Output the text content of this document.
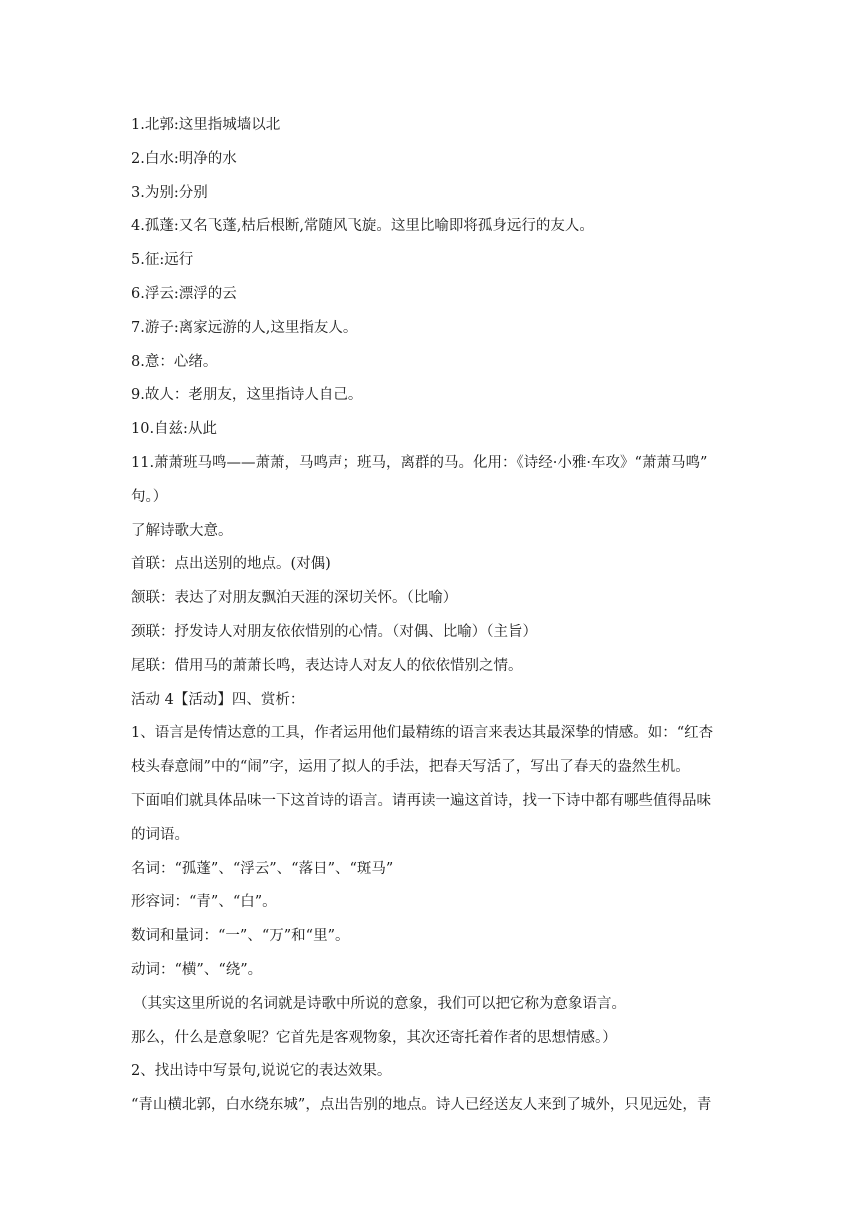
1.北郭:这里指城墙以北

2.白水:明净的水

3.为别:分别

4.孤蓬:又名飞蓬,枯后根断,常随风飞旋。这里比喻即将孤身远行的友人。

5.征:远行

6.浮云:漂浮的云

7.游子:离家远游的人,这里指友人。

8.意：心绪。

9.故人：老朋友，这里指诗人自己。

10.自兹:从此

11.萧萧班马鸣——萧萧，马鸣声；班马，离群的马。化用：《诗经·小雅·车攻》“萧萧马鸣”

句。）

了解诗歌大意。

首联：点出送别的地点。(对偶)

颔联：表达了对朋友飘泊天涯的深切关怀。（比喻）

颈联：抒发诗人对朋友依依惜别的心情。（对偶、比喻）（主旨）

尾联：借用马的萧萧长鸣，表达诗人对友人的依依惜别之情。

活动 4【活动】四、赏析：

1、语言是传情达意的工具，作者运用他们最精练的语言来表达其最深挚的情感。如：“红杏

枝头春意闹”中的“闹”字，运用了拟人的手法，把春天写活了，写出了春天的盎然生机。

下面咱们就具体品味一下这首诗的语言。请再读一遍这首诗，找一下诗中都有哪些值得品味

的词语。

名词：“孤蓬”、“浮云”、“落日”、“斑马”

形容词：“青”、“白”。

数词和量词：“一”、“万”和“里”。

动词：“横”、“绕”。

（其实这里所说的名词就是诗歌中所说的意象，我们可以把它称为意象语言。

那么，什么是意象呢？它首先是客观物象，其次还寄托着作者的思想情感。）

2、找出诗中写景句,说说它的表达效果。

“青山横北郭，白水绕东城”，点出告别的地点。诗人已经送友人来到了城外，只见远处，青
